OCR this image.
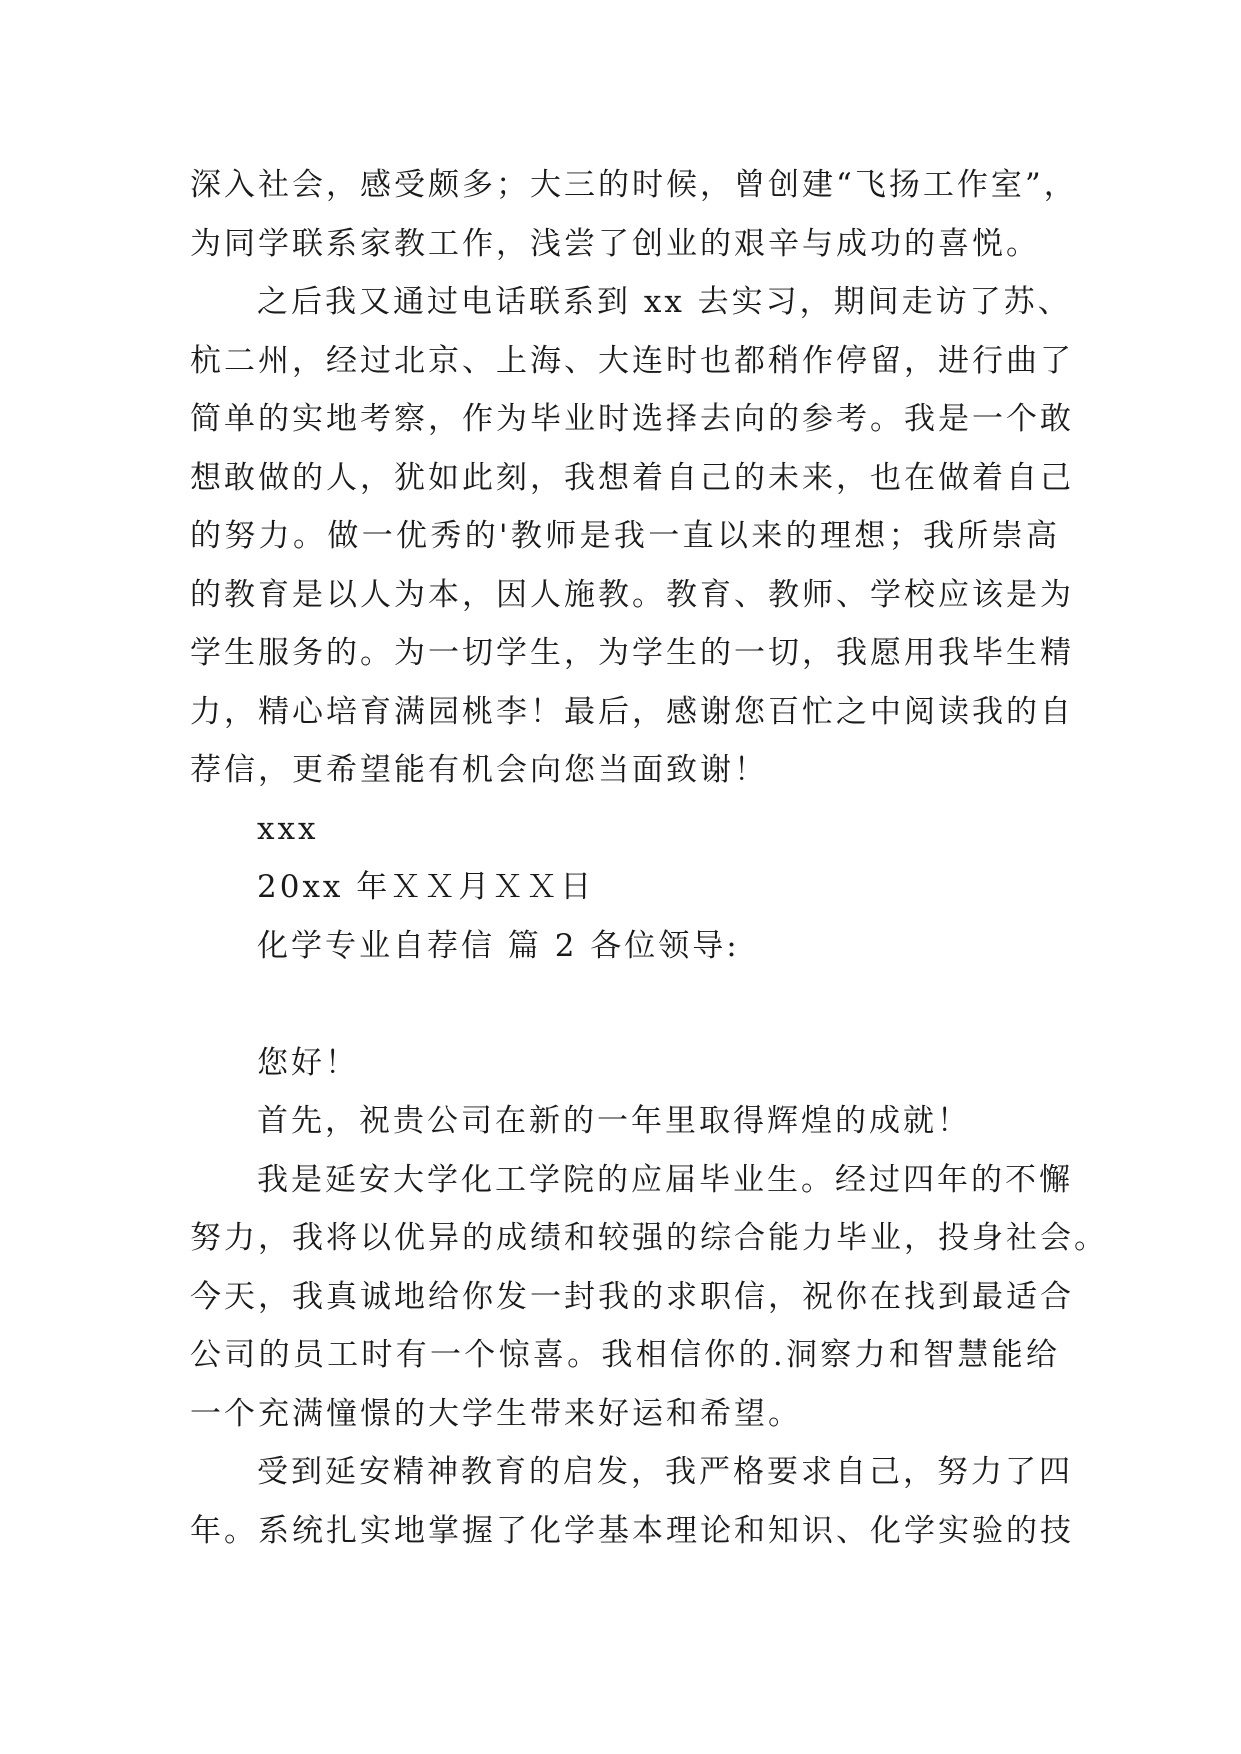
深入社会，感受颇多；大三的时候，曾创建“飞扬工作室”，
为同学联系家教工作，浅尝了创业的艰辛与成功的喜悦。
之后我又通过电话联系到 xx 去实习，期间走访了苏、
杭二州，经过北京、上海、大连时也都稍作停留，进行曲了
简单的实地考察，作为毕业时选择去向的参考。我是一个敢
想敢做的人，犹如此刻，我想着自己的未来，也在做着自己
的努力。做一优秀的'教师是我一直以来的理想；我所崇高
的教育是以人为本，因人施教。教育、教师、学校应该是为
学生服务的。为一切学生，为学生的一切，我愿用我毕生精
力，精心培育满园桃李！最后，感谢您百忙之中阅读我的自
荐信，更希望能有机会向您当面致谢！
xxx
20xx 年ＸＸ月ＸＸ日
化学专业自荐信 篇 2 各位领导:
您好！
首先，祝贵公司在新的一年里取得辉煌的成就！
我是延安大学化工学院的应届毕业生。经过四年的不懈
努力，我将以优异的成绩和较强的综合能力毕业，投身社会。
今天，我真诚地给你发一封我的求职信，祝你在找到最适合
公司的员工时有一个惊喜。我相信你的.洞察力和智慧能给
一个充满憧憬的大学生带来好运和希望。
受到延安精神教育的启发，我严格要求自己，努力了四
年。系统扎实地掌握了化学基本理论和知识、化学实验的技
